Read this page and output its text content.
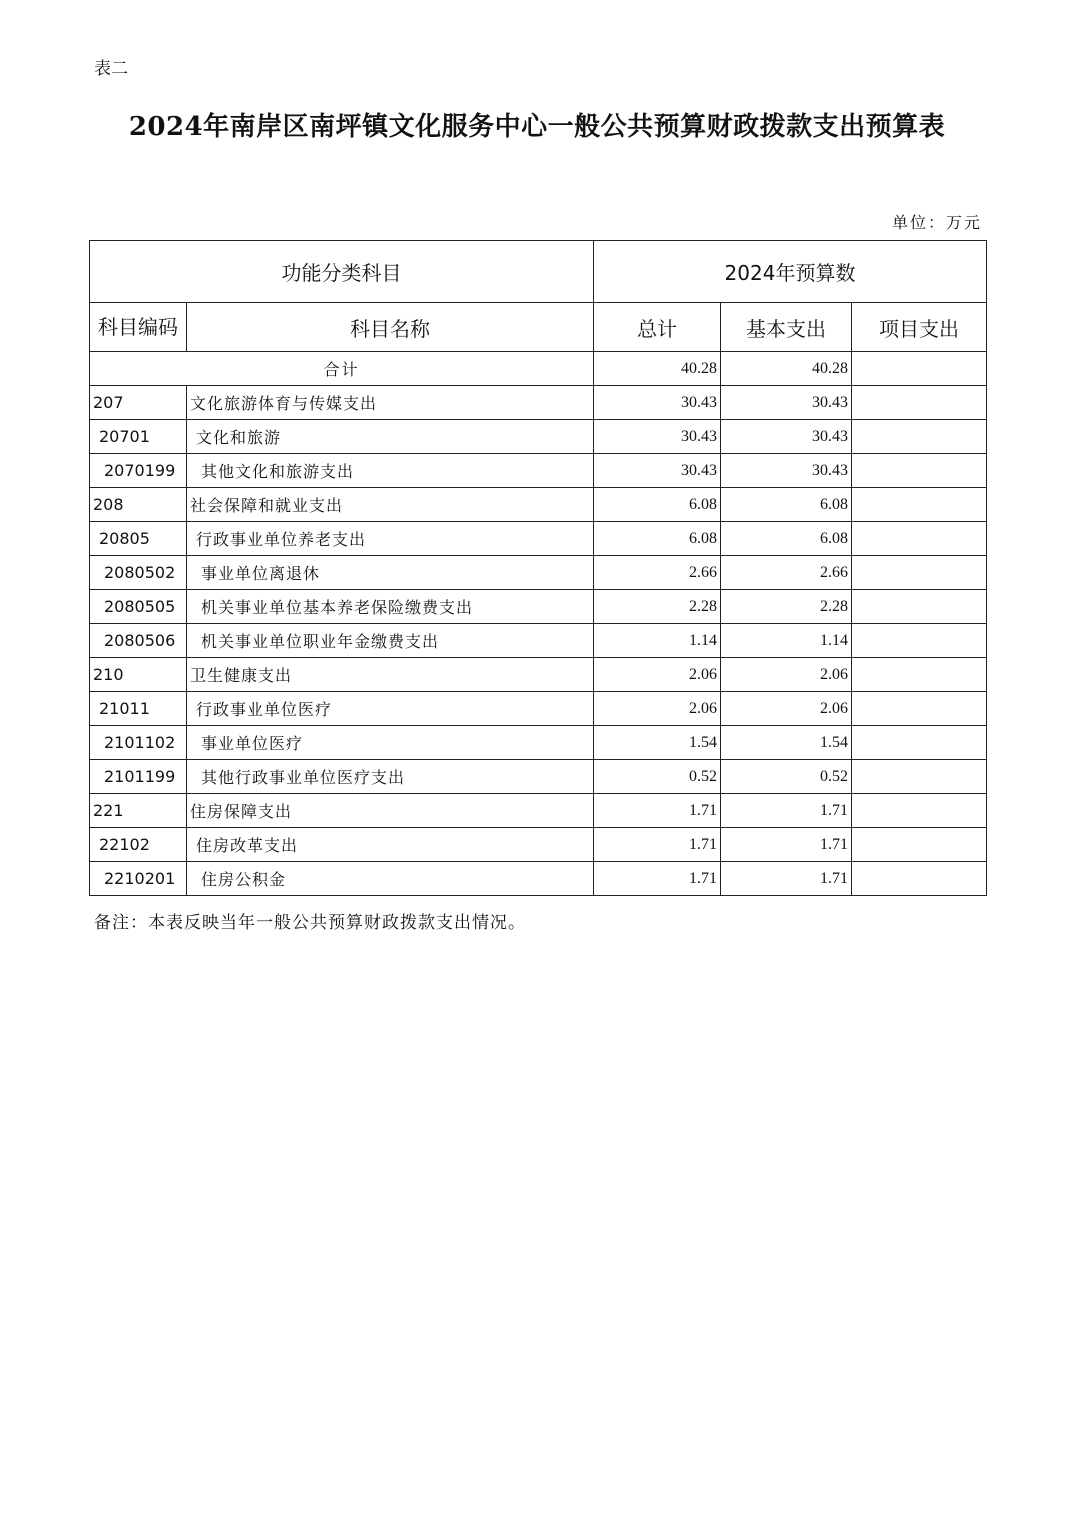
表二
2024年南岸区南坪镇文化服务中心一般公共预算财政拨款支出预算表
单位：万元
功能分类科目		2024年预算数		
科目编码	科目名称	总计	基本支出	项目支出
合计		40.28	40.28	
207	文化旅游体育与传媒支出	30.43	30.43	
20701	文化和旅游	30.43	30.43	
2070199	其他文化和旅游支出	30.43	30.43	
208	社会保障和就业支出	6.08	6.08	
20805	行政事业单位养老支出	6.08	6.08	
2080502	事业单位离退休	2.66	2.66	
2080505	机关事业单位基本养老保险缴费支出	2.28	2.28	
2080506	机关事业单位职业年金缴费支出	1.14	1.14	
210	卫生健康支出	2.06	2.06	
21011	行政事业单位医疗	2.06	2.06	
2101102	事业单位医疗	1.54	1.54	
2101199	其他行政事业单位医疗支出	0.52	0.52	
221	住房保障支出	1.71	1.71	
22102	住房改革支出	1.71	1.71	
2210201	住房公积金	1.71	1.71	
备注：本表反映当年一般公共预算财政拨款支出情况。
